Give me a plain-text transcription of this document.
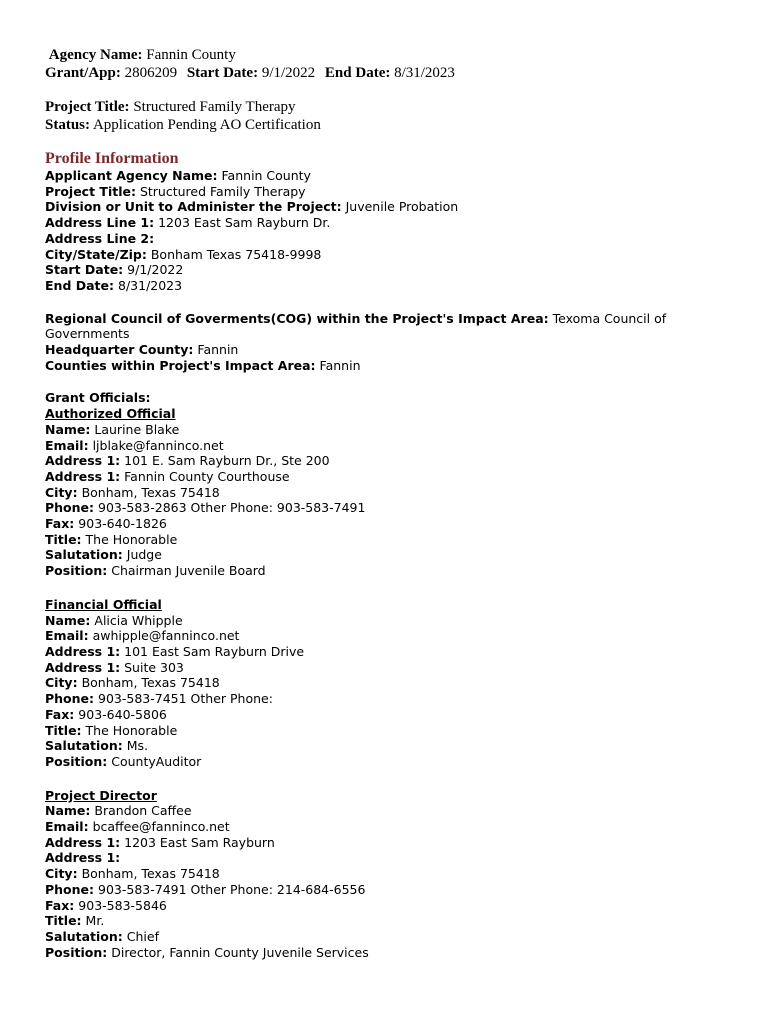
Agency Name: Fannin County
Grant/App: 2806209 Start Date: 9/1/2022 End Date: 8/31/2023
Project Title: Structured Family Therapy
Status: Application Pending AO Certification
Profile Information
Applicant Agency Name: Fannin County
Project Title: Structured Family Therapy
Division or Unit to Administer the Project: Juvenile Probation
Address Line 1: 1203 East Sam Rayburn Dr.
Address Line 2:
City/State/Zip: Bonham Texas 75418-9998
Start Date: 9/1/2022
End Date: 8/31/2023
Regional Council of Goverments(COG) within the Project's Impact Area: Texoma Council of Governments
Headquarter County: Fannin
Counties within Project's Impact Area: Fannin
Grant Officials:
Authorized Official
Name: Laurine Blake
Email: ljblake@fanninco.net
Address 1: 101 E. Sam Rayburn Dr., Ste 200
Address 1: Fannin County Courthouse
City: Bonham, Texas 75418
Phone: 903-583-2863 Other Phone: 903-583-7491
Fax: 903-640-1826
Title: The Honorable
Salutation: Judge
Position: Chairman Juvenile Board
Financial Official
Name: Alicia Whipple
Email: awhipple@fanninco.net
Address 1: 101 East Sam Rayburn Drive
Address 1: Suite 303
City: Bonham, Texas 75418
Phone: 903-583-7451 Other Phone:
Fax: 903-640-5806
Title: The Honorable
Salutation: Ms.
Position: CountyAuditor
Project Director
Name: Brandon Caffee
Email: bcaffee@fanninco.net
Address 1: 1203 East Sam Rayburn
Address 1:
City: Bonham, Texas 75418
Phone: 903-583-7491 Other Phone: 214-684-6556
Fax: 903-583-5846
Title: Mr.
Salutation: Chief
Position: Director, Fannin County Juvenile Services
